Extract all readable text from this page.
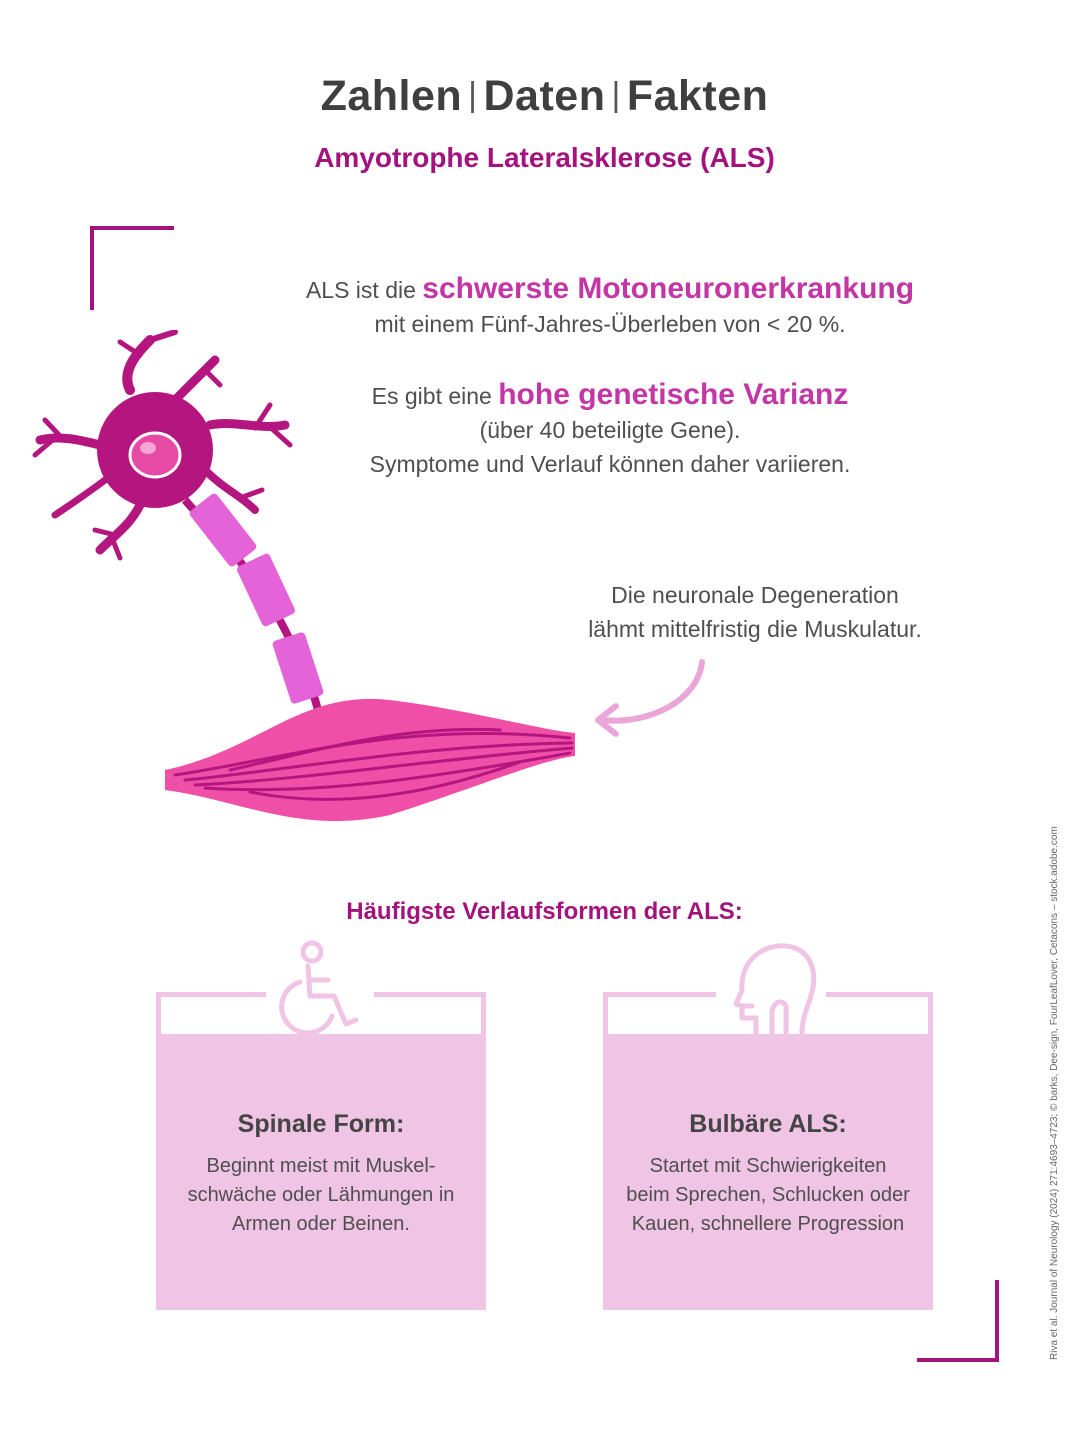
Zahlen | Daten | Fakten
Amyotrophe Lateralsklerose (ALS)
ALS ist die schwerste Motoneuronerkrankung
mit einem Fünf-Jahres-Überleben von < 20 %.
Es gibt eine hohe genetische Varianz
(über 40 beteiligte Gene).
Symptome und Verlauf können daher variieren.
Die neuronale Degeneration
lähmt mittelfristig die Muskulatur.
Häufigste Verlaufsformen der ALS:
Spinale Form:
Beginnt meist mit Muskel-
schwäche oder Lähmungen in
Armen oder Beinen.
Bulbäre ALS:
Startet mit Schwierigkeiten
beim Sprechen, Schlucken oder
Kauen, schnellere Progression	Riva et al. Journal of Neurology (2024) 271:4693–4723; © barks, Dee-sign, FourLeafLover, Cetacons – stock.adobe.com
